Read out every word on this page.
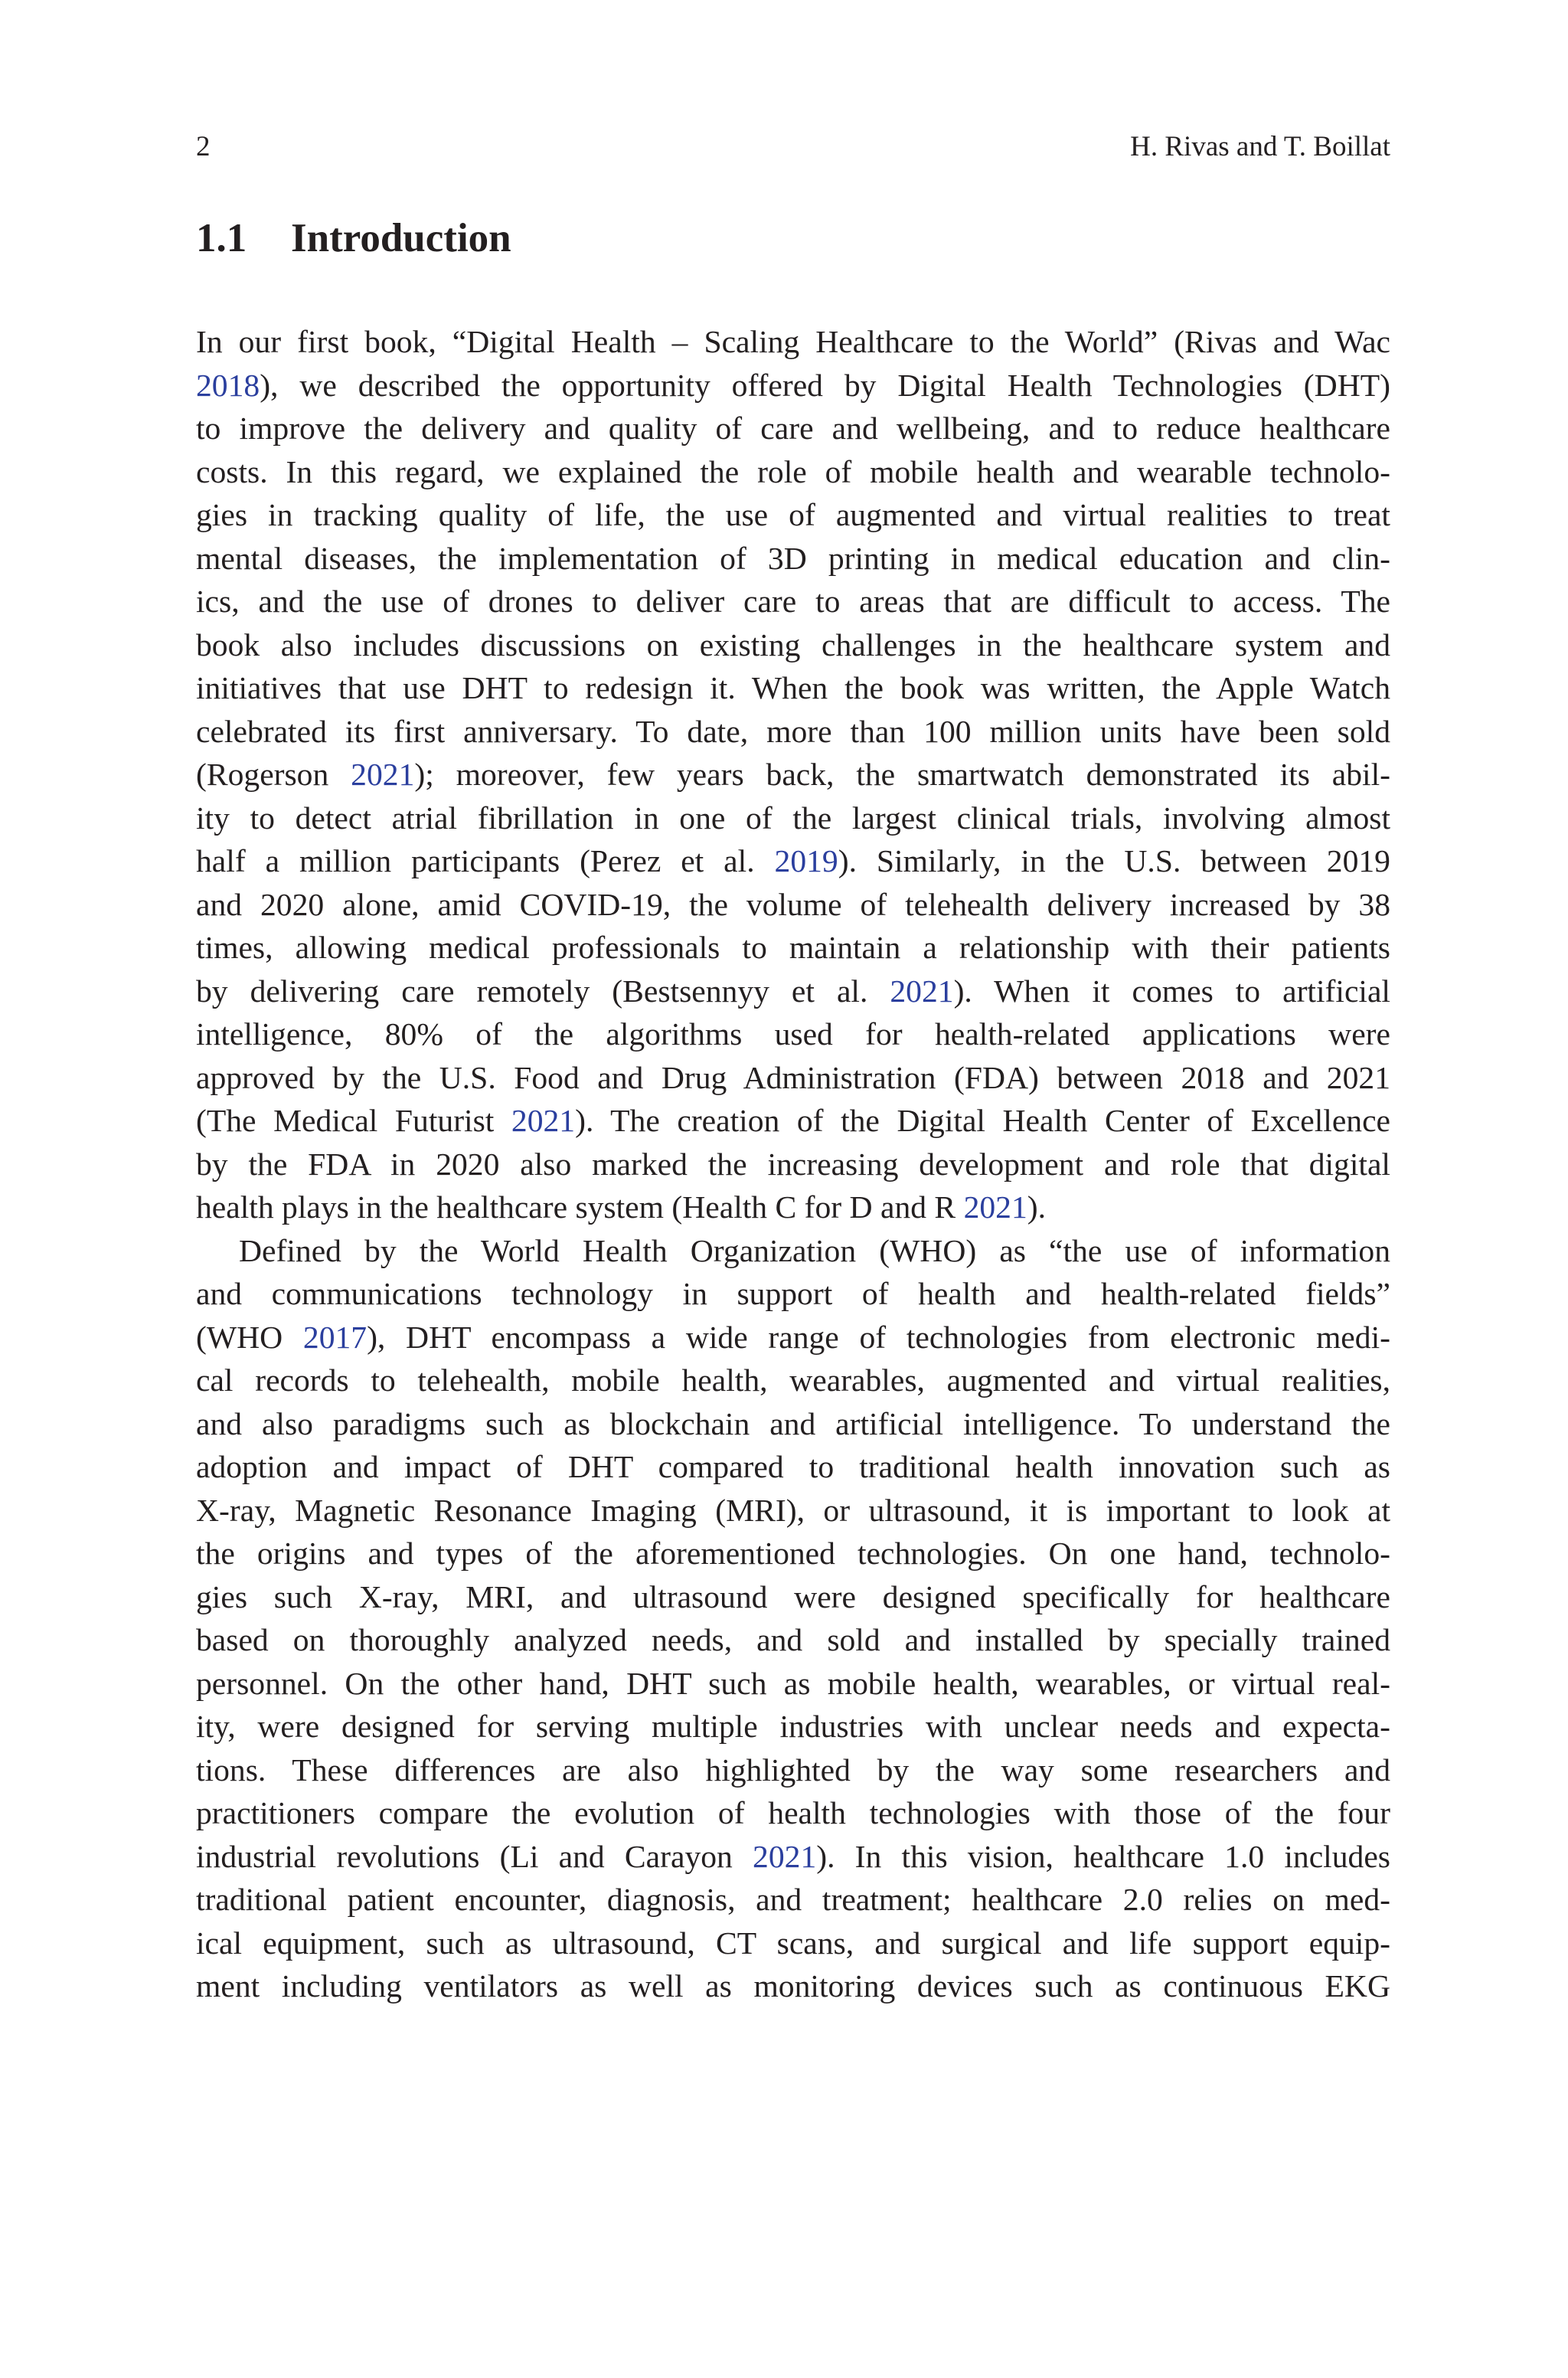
2	H. Rivas and T. Boillat
1.1 Introduction
In our first book, “Digital Health – Scaling Healthcare to the World” (Rivas and Wac
2018), we described the opportunity offered by Digital Health Technologies (DHT)
to improve the delivery and quality of care and wellbeing, and to reduce healthcare
costs. In this regard, we explained the role of mobile health and wearable technolo-
gies in tracking quality of life, the use of augmented and virtual realities to treat
mental diseases, the implementation of 3D printing in medical education and clin-
ics, and the use of drones to deliver care to areas that are difficult to access. The
book also includes discussions on existing challenges in the healthcare system and
initiatives that use DHT to redesign it. When the book was written, the Apple Watch
celebrated its first anniversary. To date, more than 100 million units have been sold
(Rogerson 2021); moreover, few years back, the smartwatch demonstrated its abil-
ity to detect atrial fibrillation in one of the largest clinical trials, involving almost
half a million participants (Perez et al. 2019). Similarly, in the U.S. between 2019
and 2020 alone, amid COVID-19, the volume of telehealth delivery increased by 38
times, allowing medical professionals to maintain a relationship with their patients
by delivering care remotely (Bestsennyy et al. 2021). When it comes to artificial
intelligence, 80% of the algorithms used for health-related applications were
approved by the U.S. Food and Drug Administration (FDA) between 2018 and 2021
(The Medical Futurist 2021). The creation of the Digital Health Center of Excellence
by the FDA in 2020 also marked the increasing development and role that digital
health plays in the healthcare system (Health C for D and R 2021).
Defined by the World Health Organization (WHO) as “the use of information
and communications technology in support of health and health-related fields”
(WHO 2017), DHT encompass a wide range of technologies from electronic medi-
cal records to telehealth, mobile health, wearables, augmented and virtual realities,
and also paradigms such as blockchain and artificial intelligence. To understand the
adoption and impact of DHT compared to traditional health innovation such as
X-ray, Magnetic Resonance Imaging (MRI), or ultrasound, it is important to look at
the origins and types of the aforementioned technologies. On one hand, technolo-
gies such X-ray, MRI, and ultrasound were designed specifically for healthcare
based on thoroughly analyzed needs, and sold and installed by specially trained
personnel. On the other hand, DHT such as mobile health, wearables, or virtual real-
ity, were designed for serving multiple industries with unclear needs and expecta-
tions. These differences are also highlighted by the way some researchers and
practitioners compare the evolution of health technologies with those of the four
industrial revolutions (Li and Carayon 2021). In this vision, healthcare 1.0 includes
traditional patient encounter, diagnosis, and treatment; healthcare 2.0 relies on med-
ical equipment, such as ultrasound, CT scans, and surgical and life support equip-
ment including ventilators as well as monitoring devices such as continuous EKG
